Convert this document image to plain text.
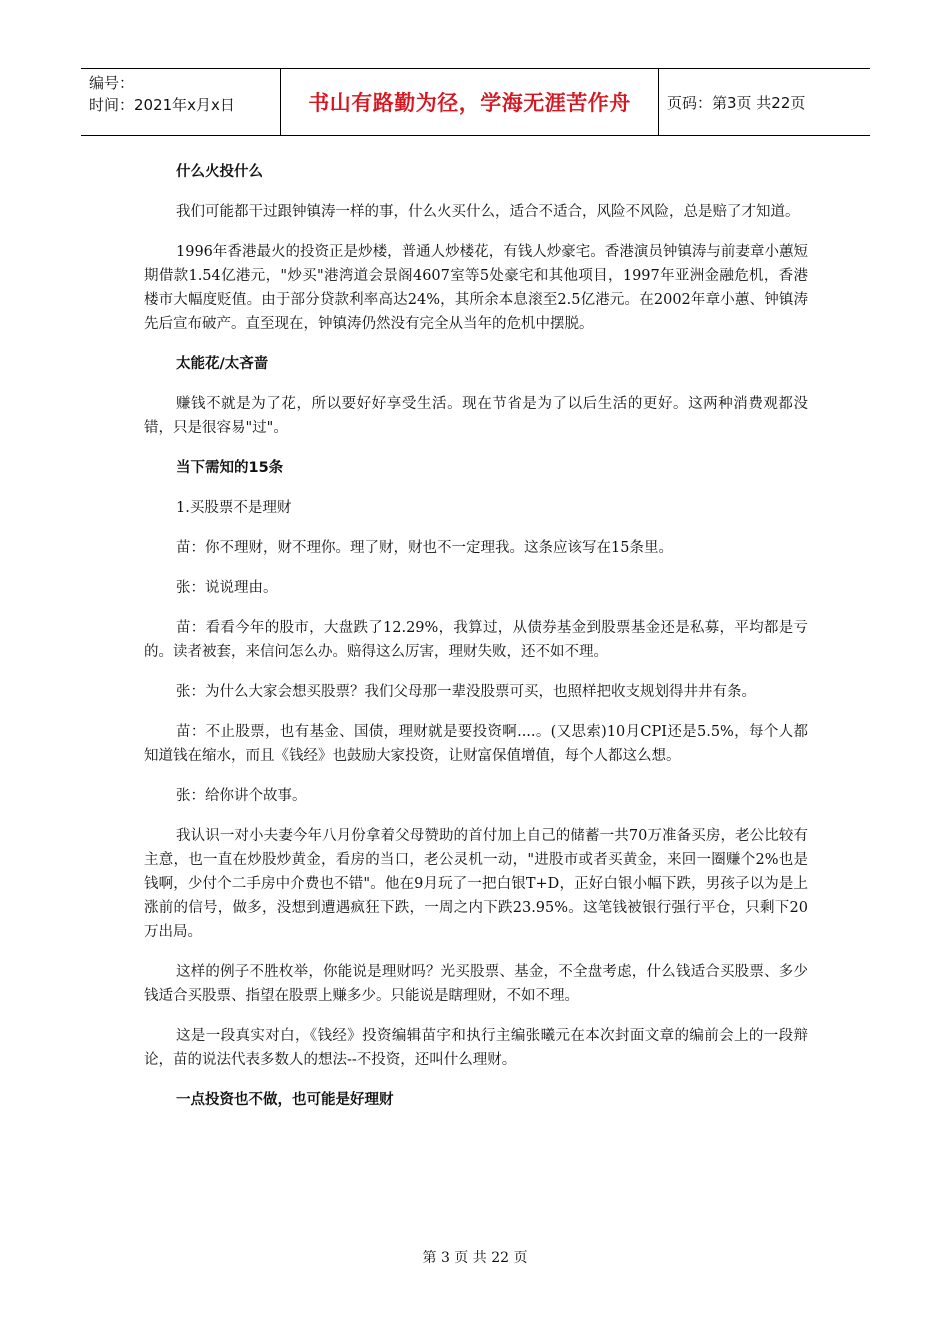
编号：
时间：2021年x月x日	书山有路勤为径，学海无涯苦作舟 页码：第3页 共22页
什么火投什么
我们可能都干过跟钟镇涛一样的事，什么火买什么，适合不适合，风险不风险，总是赔了才知道。
1996年香港最火的投资正是炒楼，普通人炒楼花，有钱人炒豪宅。香港演员钟镇涛与前妻章小蕙短期借款1.54亿港元，"炒买"港湾道会景阁4607室等5处豪宅和其他项目，1997年亚洲金融危机，香港楼市大幅度贬值。由于部分贷款利率高达24%，其所余本息滚至2.5亿港元。在2002年章小蕙、钟镇涛先后宣布破产。直至现在，钟镇涛仍然没有完全从当年的危机中摆脱。
太能花/太吝啬
赚钱不就是为了花，所以要好好享受生活。现在节省是为了以后生活的更好。这两种消费观都没错，只是很容易"过"。
当下需知的15条
1.买股票不是理财
苗：你不理财，财不理你。理了财，财也不一定理我。这条应该写在15条里。
张：说说理由。
苗：看看今年的股市，大盘跌了12.29%，我算过，从债券基金到股票基金还是私募，平均都是亏的。读者被套，来信问怎么办。赔得这么厉害，理财失败，还不如不理。
张：为什么大家会想买股票？我们父母那一辈没股票可买，也照样把收支规划得井井有条。
苗：不止股票，也有基金、国债，理财就是要投资啊....。(又思索)10月CPI还是5.5%，每个人都知道钱在缩水，而且《钱经》也鼓励大家投资，让财富保值增值，每个人都这么想。
张：给你讲个故事。
我认识一对小夫妻今年八月份拿着父母赞助的首付加上自己的储蓄一共70万准备买房，老公比较有主意，也一直在炒股炒黄金，看房的当口，老公灵机一动，"进股市或者买黄金，来回一圈赚个2%也是钱啊，少付个二手房中介费也不错"。他在9月玩了一把白银T+D，正好白银小幅下跌，男孩子以为是上涨前的信号，做多，没想到遭遇疯狂下跌，一周之内下跌23.95%。这笔钱被银行强行平仓，只剩下20万出局。
这样的例子不胜枚举，你能说是理财吗？光买股票、基金，不全盘考虑，什么钱适合买股票、多少钱适合买股票、指望在股票上赚多少。只能说是瞎理财，不如不理。
这是一段真实对白，《钱经》投资编辑苗宇和执行主编张曦元在本次封面文章的编前会上的一段辩论，苗的说法代表多数人的想法--不投资，还叫什么理财。
一点投资也不做，也可能是好理财
第 3 页 共 22 页
